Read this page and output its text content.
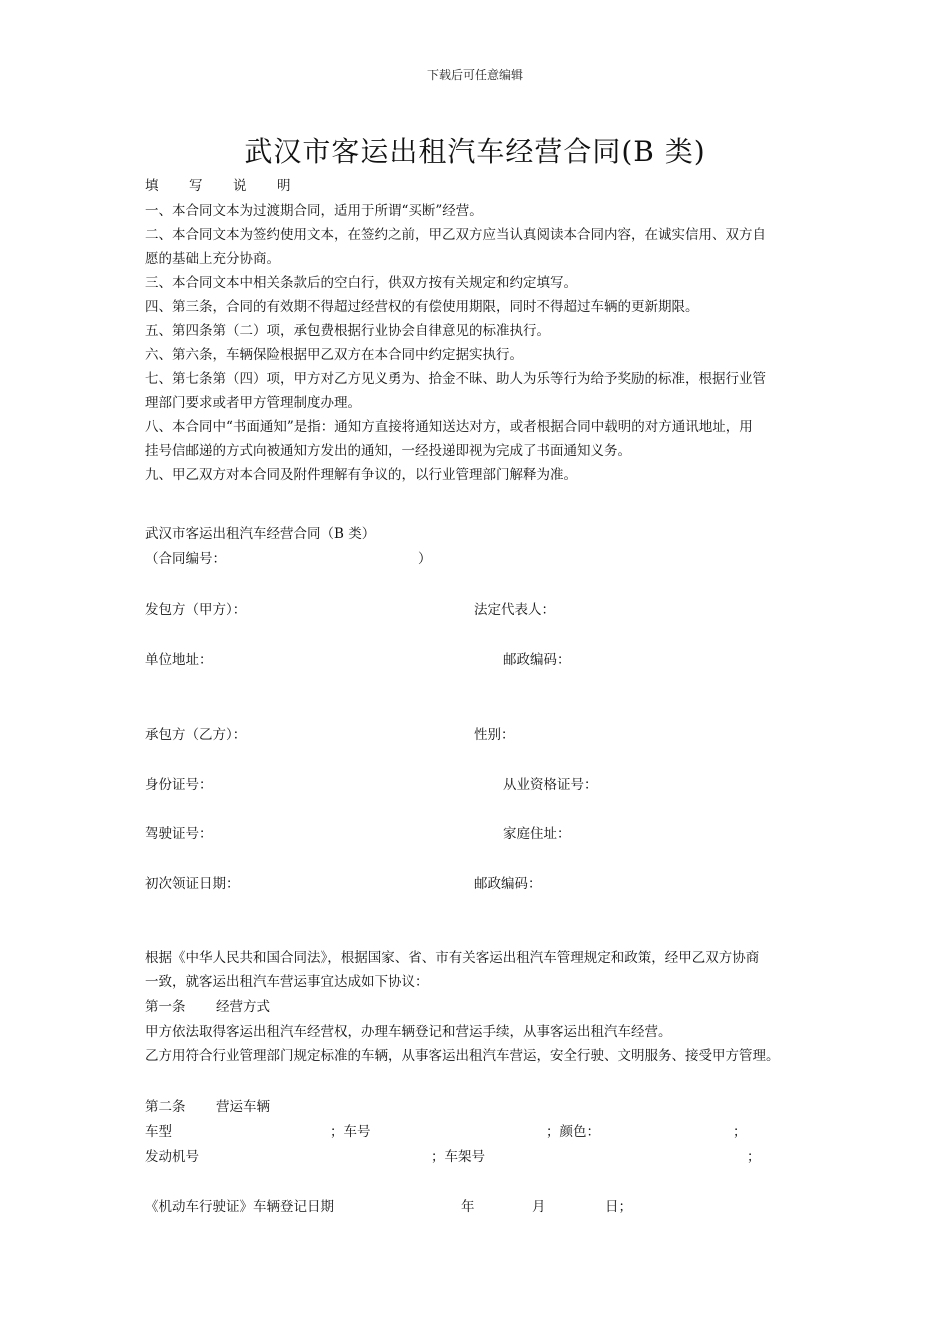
下载后可任意编辑
武汉市客运出租汽车经营合同(B 类)
填 写 说 明
一、本合同文本为过渡期合同，适用于所谓“买断”经营。
二、本合同文本为签约使用文本，在签约之前，甲乙双方应当认真阅读本合同内容，在诚实信用、双方自
愿的基础上充分协商。
三、本合同文本中相关条款后的空白行，供双方按有关规定和约定填写。
四、第三条，合同的有效期不得超过经营权的有偿使用期限，同时不得超过车辆的更新期限。
五、第四条第（二）项，承包费根据行业协会自律意见的标准执行。
六、第六条，车辆保险根据甲乙双方在本合同中约定据实执行。
七、第七条第（四）项，甲方对乙方见义勇为、拾金不昧、助人为乐等行为给予奖励的标准，根据行业管
理部门要求或者甲方管理制度办理。
八、本合同中“书面通知”是指：通知方直接将通知送达对方，或者根据合同中载明的对方通讯地址，用
挂号信邮递的方式向被通知方发出的通知，一经投递即视为完成了书面通知义务。
九、甲乙双方对本合同及附件理解有争议的，以行业管理部门解释为准。
武汉市客运出租汽车经营合同（B 类）
（合同编号：	）
发包方（甲方）：	法定代表人：
单位地址：	邮政编码：
承包方（乙方）：	性别：
身份证号：	从业资格证号：
驾驶证号：	家庭住址：
初次领证日期：	邮政编码：
根据《中华人民共和国合同法》，根据国家、省、市有关客运出租汽车管理规定和政策，经甲乙双方协商
一致，就客运出租汽车营运事宜达成如下协议：
第一条 经营方式
甲方依法取得客运出租汽车经营权，办理车辆登记和营运手续，从事客运出租汽车经营。
乙方用符合行业管理部门规定标准的车辆，从事客运出租汽车营运，安全行驶、文明服务、接受甲方管理。
第二条 营运车辆
车型	；车号	；颜色：	；
发动机号	；车架号	；
《机动车行驶证》车辆登记日期	年	月	日；
